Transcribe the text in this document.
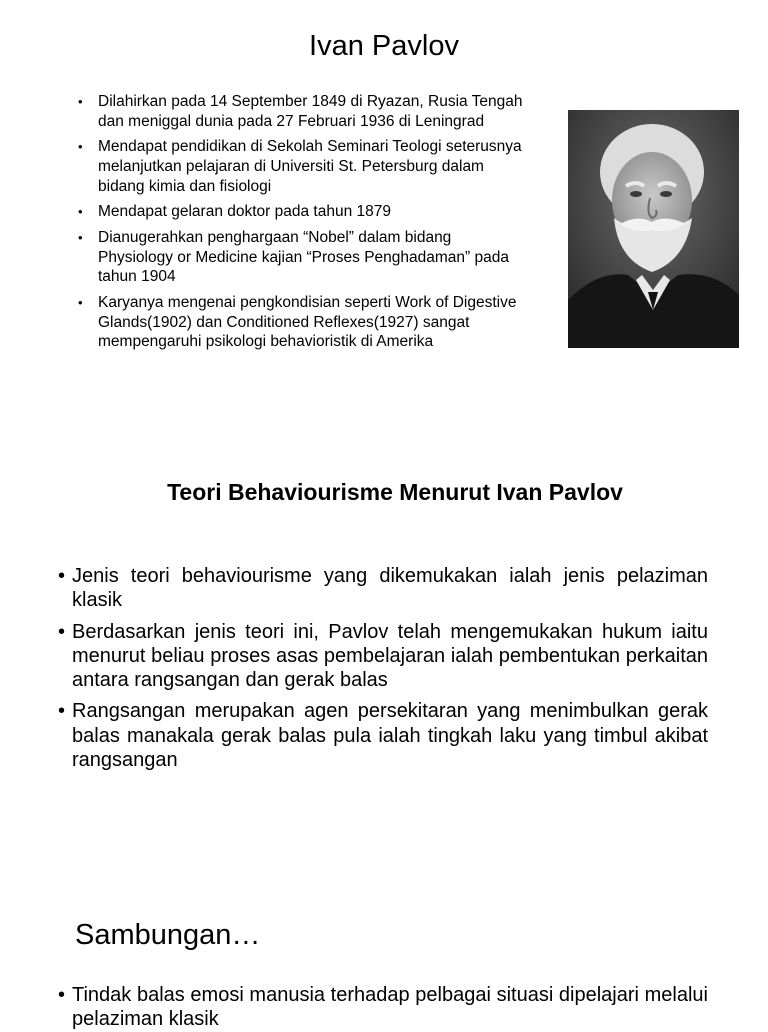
Ivan Pavlov
• Dilahirkan pada 14 September 1849 di Ryazan, Rusia Tengah dan meniggal dunia pada 27 Februari 1936 di Leningrad
• Mendapat pendidikan di Sekolah Seminari Teologi seterusnya melanjutkan pelajaran di Universiti St. Petersburg dalam bidang kimia dan fisiologi
• Mendapat gelaran doktor pada tahun 1879
• Dianugerahkan penghargaan “Nobel” dalam bidang Physiology or Medicine kajian “Proses Penghadaman” pada tahun 1904
• Karyanya mengenai pengkondisian seperti Work of Digestive Glands(1902) dan Conditioned Reflexes(1927) sangat mempengaruhi psikologi behavioristik di Amerika
Teori Behaviourisme Menurut Ivan Pavlov
• Jenis teori behaviourisme yang dikemukakan ialah jenis pelaziman klasik
• Berdasarkan jenis teori ini, Pavlov telah mengemukakan hukum iaitu menurut beliau proses asas pembelajaran ialah pembentukan perkaitan antara rangsangan dan gerak balas
• Rangsangan merupakan agen persekitaran yang menimbulkan gerak balas manakala gerak balas pula ialah tingkah laku yang timbul akibat rangsangan
Sambungan…
• Tindak balas emosi manusia terhadap pelbagai situasi dipelajari melalui pelaziman klasik
